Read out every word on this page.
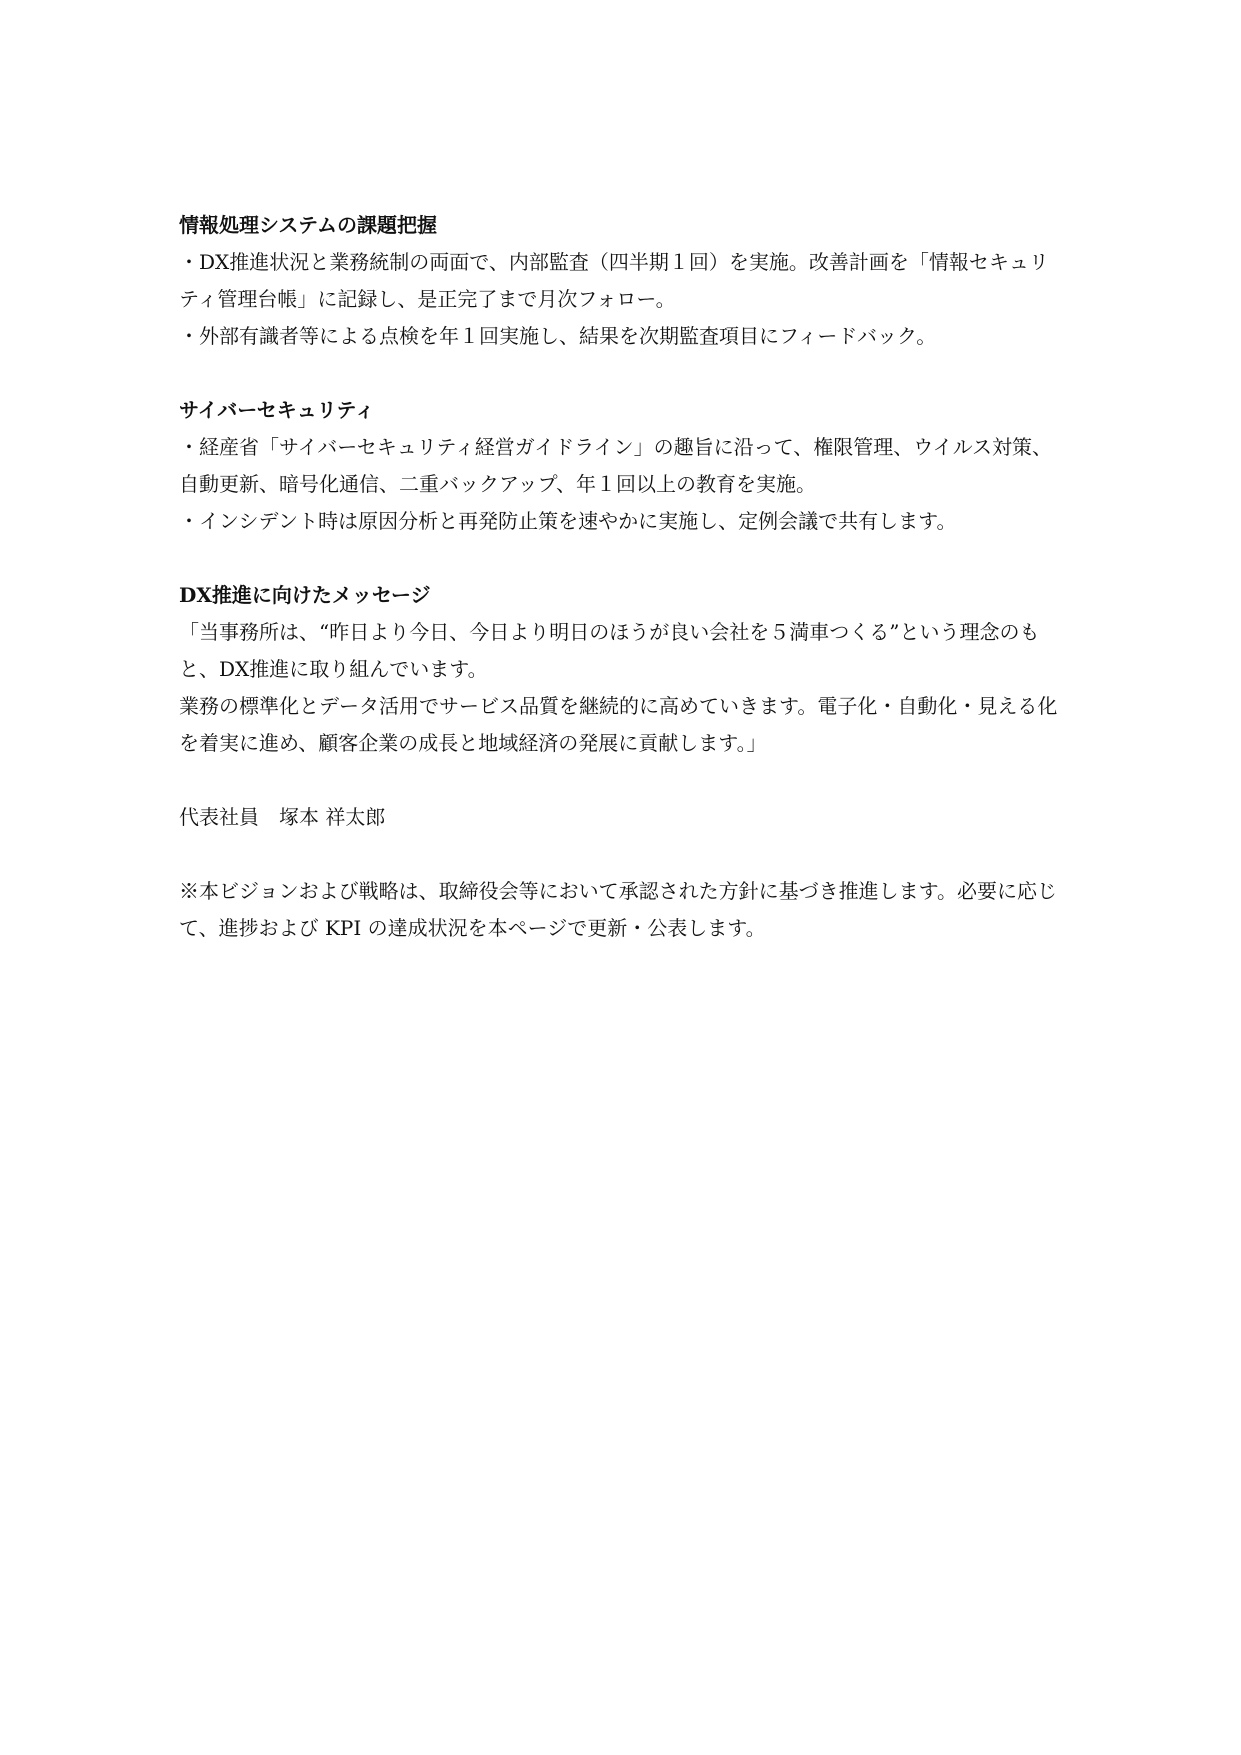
情報処理システムの課題把握

・DX推進状況と業務統制の両面で、内部監査（四半期１回）を実施。改善計画を「情報セキュリティ管理台帳」に記録し、是正完了まで月次フォロー。

・外部有識者等による点検を年１回実施し、結果を次期監査項目にフィードバック。

サイバーセキュリティ

・経産省「サイバーセキュリティ経営ガイドライン」の趣旨に沿って、権限管理、ウイルス対策、自動更新、暗号化通信、二重バックアップ、年１回以上の教育を実施。

・インシデント時は原因分析と再発防止策を速やかに実施し、定例会議で共有します。

DX推進に向けたメッセージ

「当事務所は、“昨日より今日、今日より明日のほうが良い会社を５満車つくる”という理念のもと、DX推進に取り組んでいます。

業務の標準化とデータ活用でサービス品質を継続的に高めていきます。電子化・自動化・見える化を着実に進め、顧客企業の成長と地域経済の発展に貢献します。」

代表社員　塚本 祥太郎

※本ビジョンおよび戦略は、取締役会等において承認された方針に基づき推進します。必要に応じて、進捗および KPI の達成状況を本ページで更新・公表します。
